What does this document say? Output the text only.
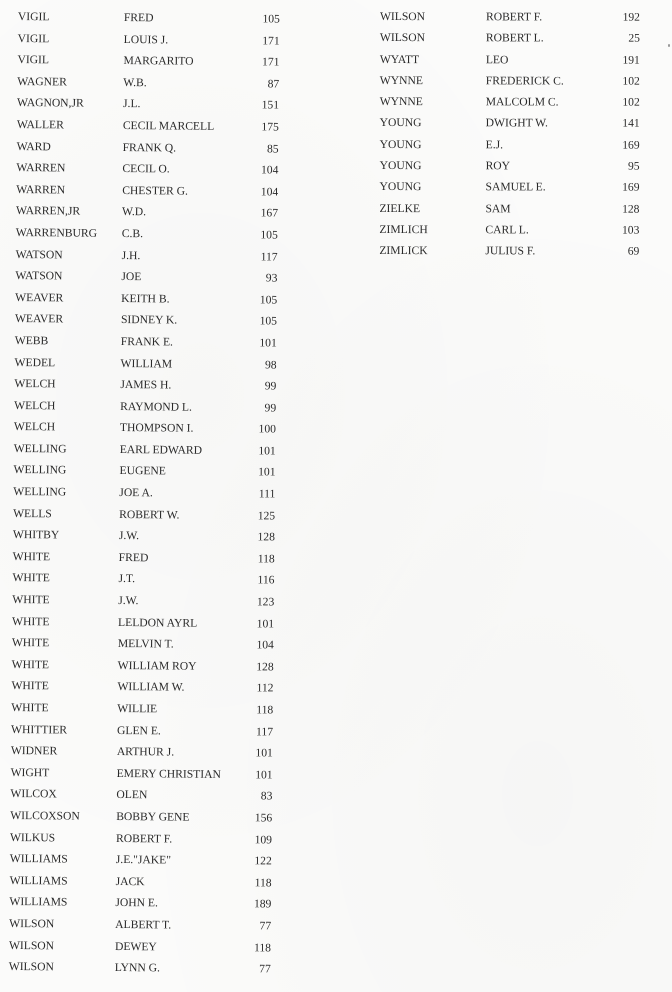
VIGIL	FRED	105
VIGIL	LOUIS J.	171
VIGIL	MARGARITO	171
WAGNER	W.B.	87
WAGNON,JR	J.L.	151
WALLER	CECIL MARCELL	175
WARD	FRANK Q.	85
WARREN	CECIL O.	104
WARREN	CHESTER G.	104
WARREN,JR	W.D.	167
WARRENBURG C.B.	105
WATSON	J.H.	117
WATSON	JOE	93
WEAVER	KEITH B.	105
WEAVER	SIDNEY K.	105
WEBB	FRANK E.	101
WEDEL	WILLIAM	98
WELCH	JAMES H.	99
WELCH	RAYMOND L.	99
WELCH	THOMPSON I.	100
WELLING	EARL EDWARD	101
WELLING	EUGENE	101
WELLING	JOE A.	111
WELLS	ROBERT W.	125
WHITBY	J.W.	128
WHITE	FRED	118
WHITE	J.T.	116
WHITE	J.W.	123
WHITE	LELDON AYRL	101
WHITE	MELVIN T.	104
WHITE	WILLIAM ROY	128
WHITE	WILLIAM W.	112
WHITE	WILLIE	118
WHITTIER	GLEN E.	117
WIDNER	ARTHUR J.	101
WIGHT	EMERY CHRISTIAN	101
WILCOX	OLEN	83
WILCOXSON	BOBBY GENE	156
WILKUS	ROBERT F.	109
WILLIAMS	J.E."JAKE"	122
WILLIAMS	JACK	118
WILLIAMS	JOHN E.	189
WILSON	ALBERT T.	77
WILSON	DEWEY	118
WILSON	LYNN G.	77
WILSON	ROBERT F.	192
WILSON	ROBERT L.	25
WYATT	LEO	191
WYNNE	FREDERICK C.	102
WYNNE	MALCOLM C.	102
YOUNG	DWIGHT W.	141
YOUNG	E.J.	169
YOUNG	ROY	95
YOUNG	SAMUEL E.	169
ZIELKE	SAM	128
ZIMLICH	CARL L.	103
ZIMLICK	JULIUS F.	69
